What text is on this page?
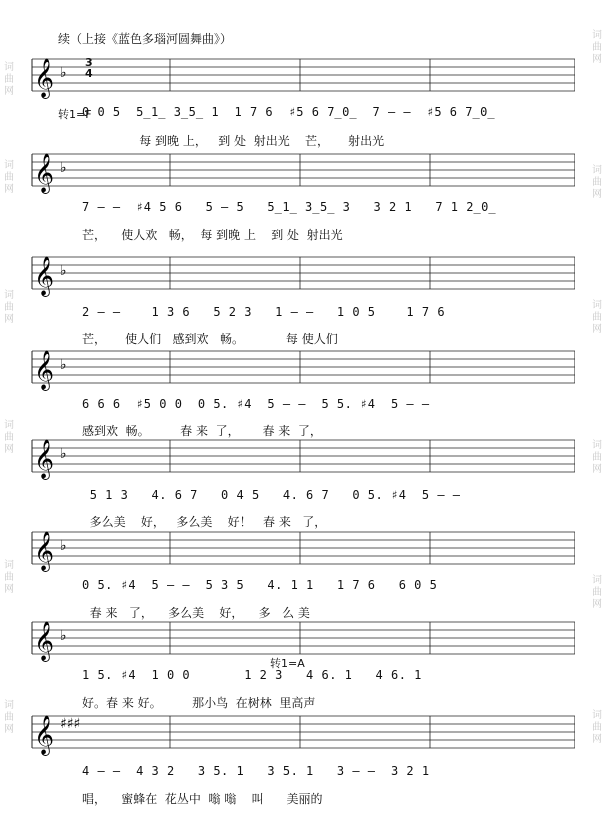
词
曲
网
词
曲
网
词
曲
网
词
曲
网
词
曲
网
词
曲
网
词
曲
网
词
曲
网
词
曲
网
词
曲
网
词
曲
网
词
曲
网
续（上接《蓝色多瑙河圆舞曲》）
𝄞 ♭
𝄞 ♭
𝄞 ♭
𝄞 ♭
𝄞 ♭
𝄞 ♭
𝄞 ♭
𝄞 ♯♯♯
转1=F
转1=A
0 0 5  5̲1̲ 3̲5̲ 1  1 7 6  ♯5 6 7̲0̲  7 — —  ♯5 6 7̲0̲
每 到晚 上，   到 处  射出光    芒，     射出光
7 — —  ♯4 5 6   5 — 5   5̲1̲ 3̲5̲ 3   3 2 1   7 1 2̲0̲
芒，    使人欢   畅，  每 到晚 上    到 处  射出光
2 — —    1 3 6   5 2 3   1 — —   1 0 5    1 7 6
芒，     使人们   感到欢   畅。           每 使人们
6 6 6  ♯5 0 0  0 5. ♯4  5 — —  5 5. ♯4  5 — —
感到欢  畅。        春 来  了，      春 来  了，
5 1 3   4. 6 7   0 4 5   4. 6 7   0 5. ♯4  5 — —
多么美    好，   多么美    好！   春 来   了，
0 5. ♯4  5 — —  5 3 5   4. 1 1   1 7 6   6 0 5
春 来   了，    多么美    好，    多   么 美
1 5. ♯4  1 0 0       1 2 3   4 6. 1   4 6. 1
好。春 来 好。        那小鸟  在树林  里高声
4 — —  4 3 2   3 5. 1   3 5. 1   3 — —  3 2 1
唱，    蜜蜂在  花丛中  嗡 嗡    叫      美丽的
3
4
